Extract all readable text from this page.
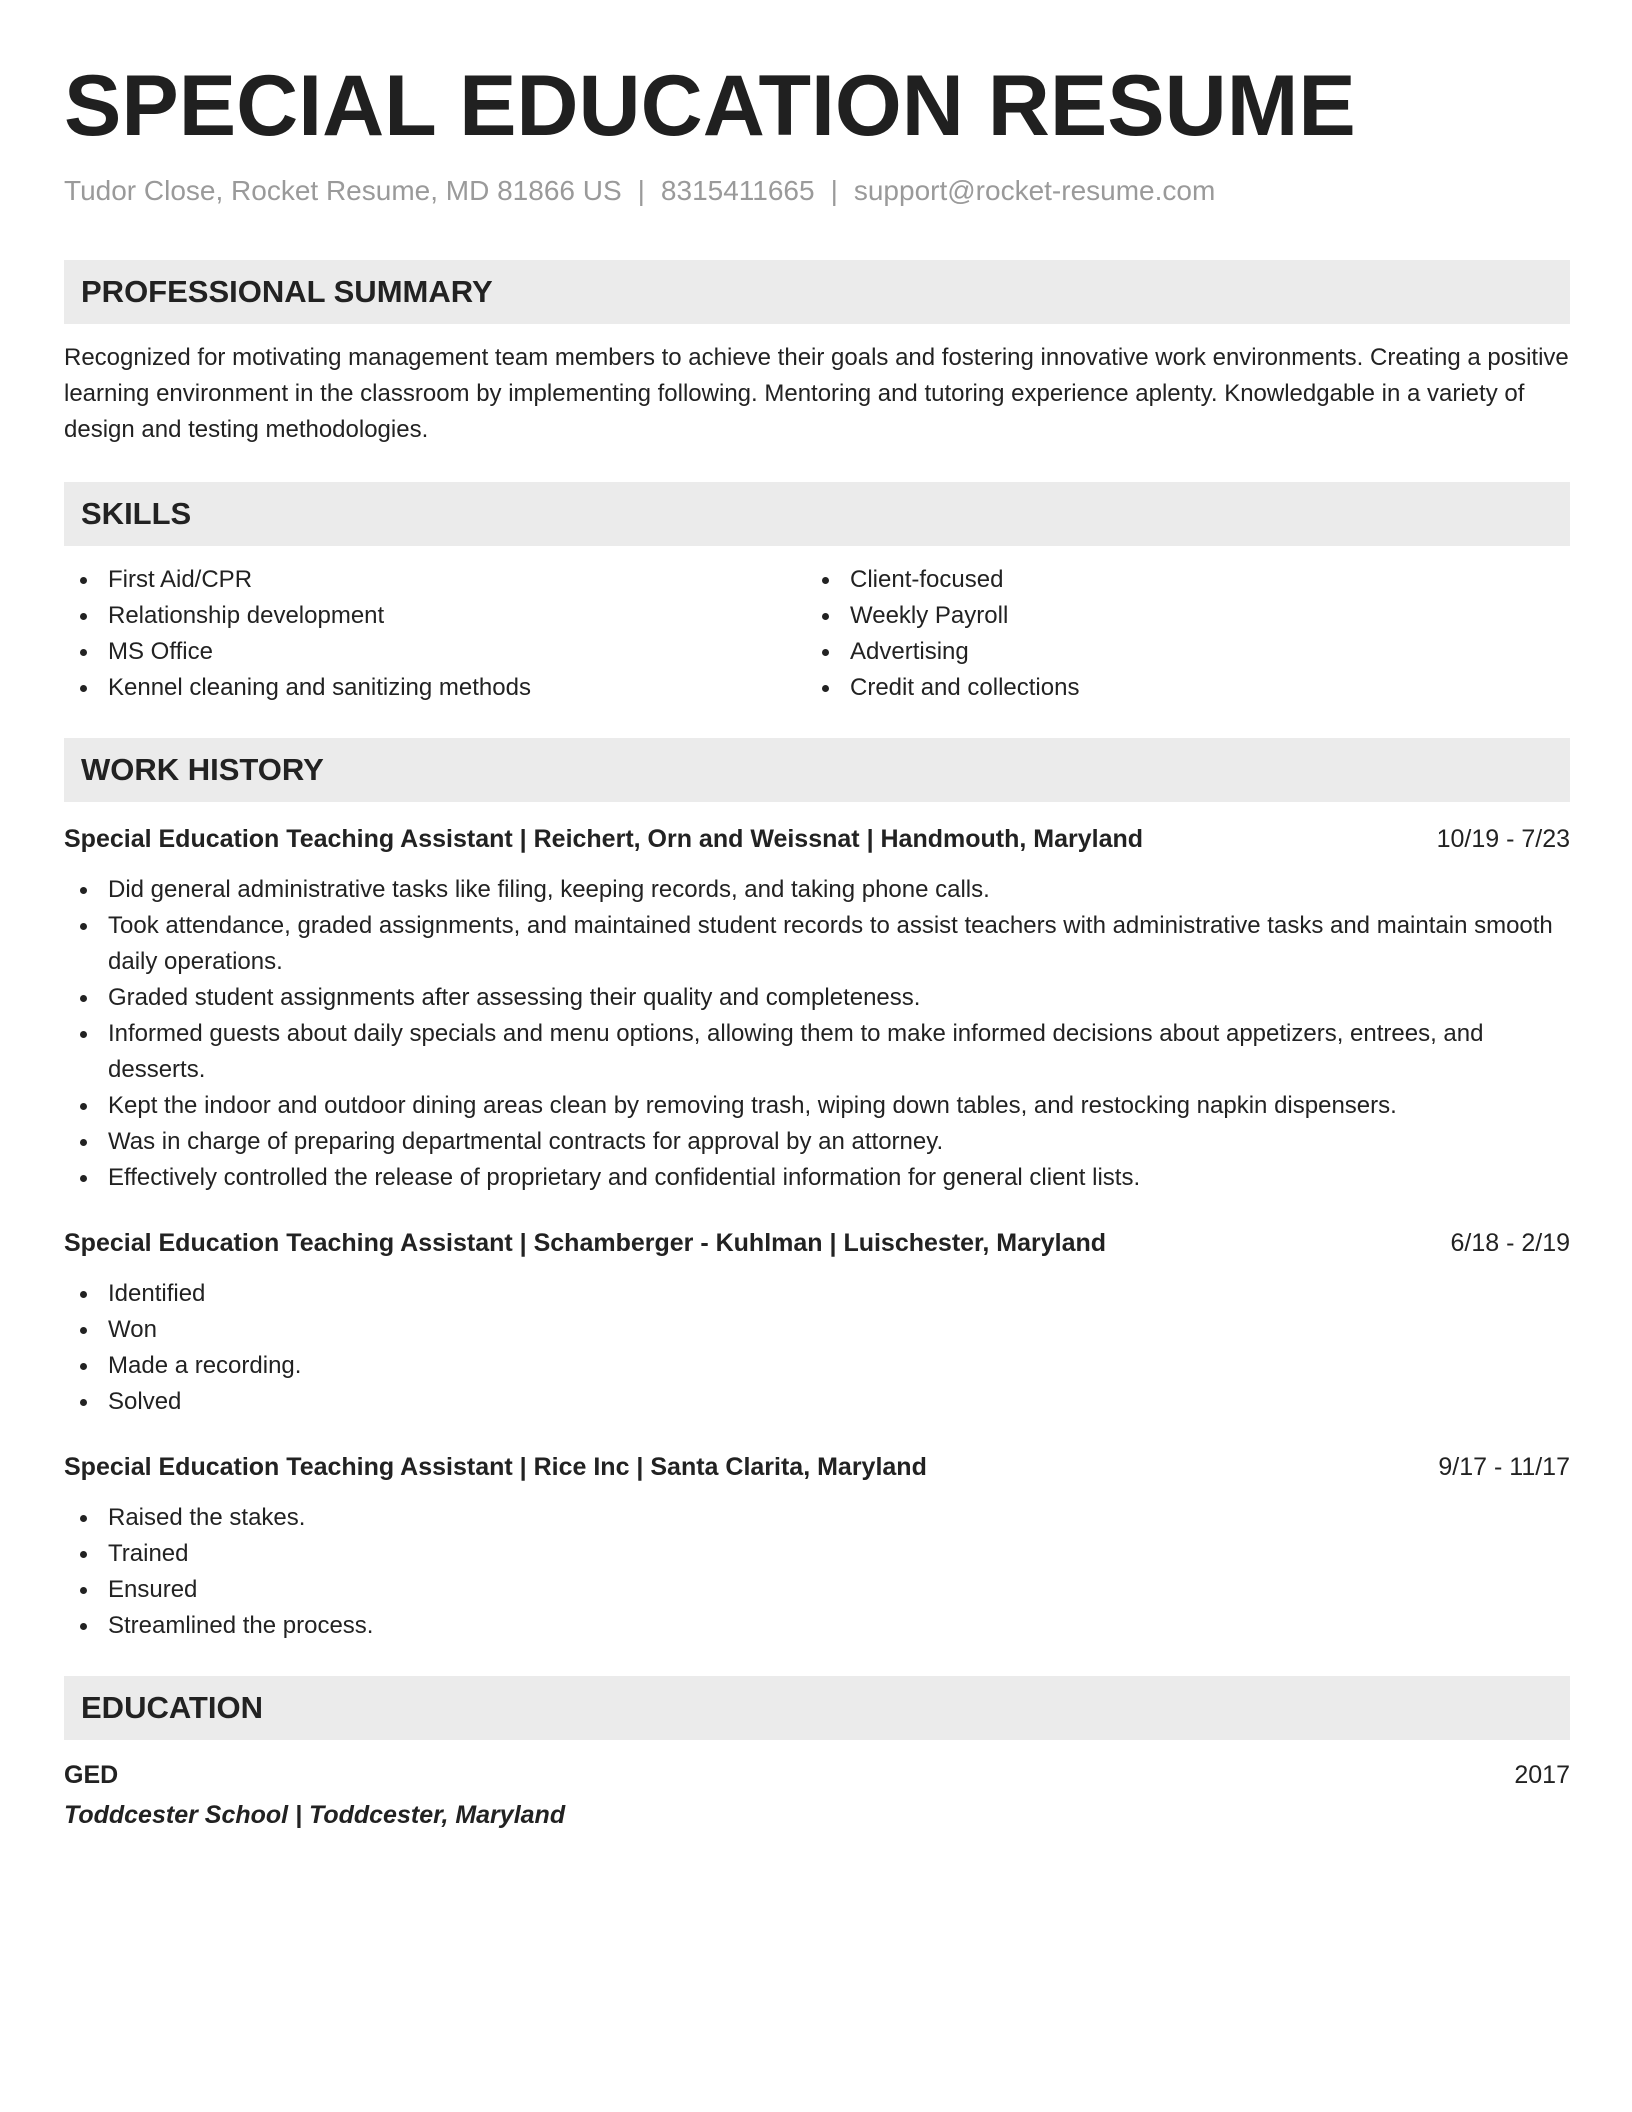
SPECIAL EDUCATION RESUME
Tudor Close, Rocket Resume, MD 81866 US | 8315411665 | support@rocket-resume.com
PROFESSIONAL SUMMARY
Recognized for motivating management team members to achieve their goals and fostering innovative work environments. Creating a positive learning environment in the classroom by implementing following. Mentoring and tutoring experience aplenty. Knowledgable in a variety of design and testing methodologies.
SKILLS
First Aid/CPR
Relationship development
MS Office
Kennel cleaning and sanitizing methods
Client-focused
Weekly Payroll
Advertising
Credit and collections
WORK HISTORY
Special Education Teaching Assistant | Reichert, Orn and Weissnat | Handmouth, Maryland	10/19 - 7/23
Did general administrative tasks like filing, keeping records, and taking phone calls.
Took attendance, graded assignments, and maintained student records to assist teachers with administrative tasks and maintain smooth daily operations.
Graded student assignments after assessing their quality and completeness.
Informed guests about daily specials and menu options, allowing them to make informed decisions about appetizers, entrees, and desserts.
Kept the indoor and outdoor dining areas clean by removing trash, wiping down tables, and restocking napkin dispensers.
Was in charge of preparing departmental contracts for approval by an attorney.
Effectively controlled the release of proprietary and confidential information for general client lists.
Special Education Teaching Assistant | Schamberger - Kuhlman | Luischester, Maryland	6/18 - 2/19
Identified
Won
Made a recording.
Solved
Special Education Teaching Assistant | Rice Inc | Santa Clarita, Maryland	9/17 - 11/17
Raised the stakes.
Trained
Ensured
Streamlined the process.
EDUCATION
GED	2017
Toddcester School | Toddcester, Maryland
